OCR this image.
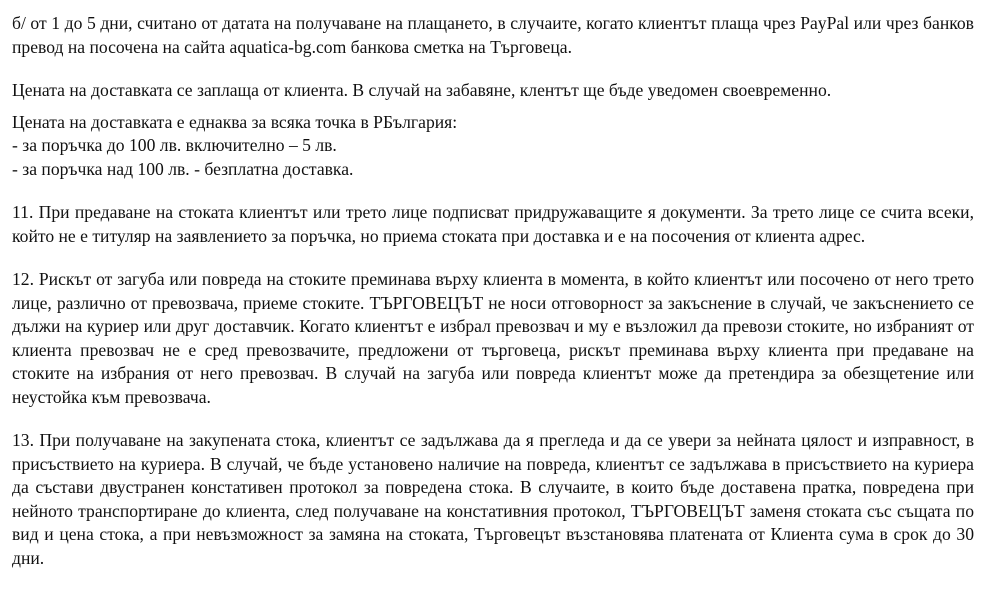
б/ от 1 до 5 дни, считано от датата на получаване на плащането, в случаите, когато клиентът плаща чрез PayPal или чрез банков превод на посочена на сайта aquatica-bg.com банкова сметка на Търговеца.

Цената на доставката се заплаща от клиента. В случай на забавяне, клентът ще бъде уведомен своевременно.

Цената на доставката е еднаква за всяка точка в РБългария:
- за поръчка до 100 лв. включително – 5 лв.
- за поръчка над 100 лв. - безплатна доставка.

11. При предаване на стоката клиентът или трето лице подписват придружаващите я документи. За трето лице се счита всеки, който не е титуляр на заявлението за поръчка, но приема стоката при доставка и е на посочения от клиента адрес.

12. Рискът от загуба или повреда на стоките преминава върху клиента в момента, в който клиентът или посочено от него трето лице, различно от превозвача, приеме стоките. ТЪРГОВЕЦЪТ не носи отговорност за закъснение в случай, че закъснението се дължи на куриер или друг доставчик. Когато клиентът е избрал превозвач и му е възложил да превози стоките, но избраният от клиента превозвач не е сред превозвачите, предложени от търговеца, рискът преминава върху клиента при предаване на стоките на избрания от него превозвач. В случай на загуба или повреда клиентът може да претендира за обезщетение или неустойка към превозвача.

13. При получаване на закупената стока, клиентът се задължава да я прегледа и да се увери за нейната цялост и изправност, в присъствието на куриера. В случай, че бъде установено наличие на повреда, клиентът се задължава в присъствието на куриера да състави двустранен констативен протокол за повредена стока. В случаите, в които бъде доставена пратка, повредена при нейното транспортиране до клиента, след получаване на констативния протокол, ТЪРГОВЕЦЪТ заменя стоката със същата по вид и цена стока, а при невъзможност за замяна на стоката, Търговецът възстановява платената от Клиента сума в срок до 30 дни.
